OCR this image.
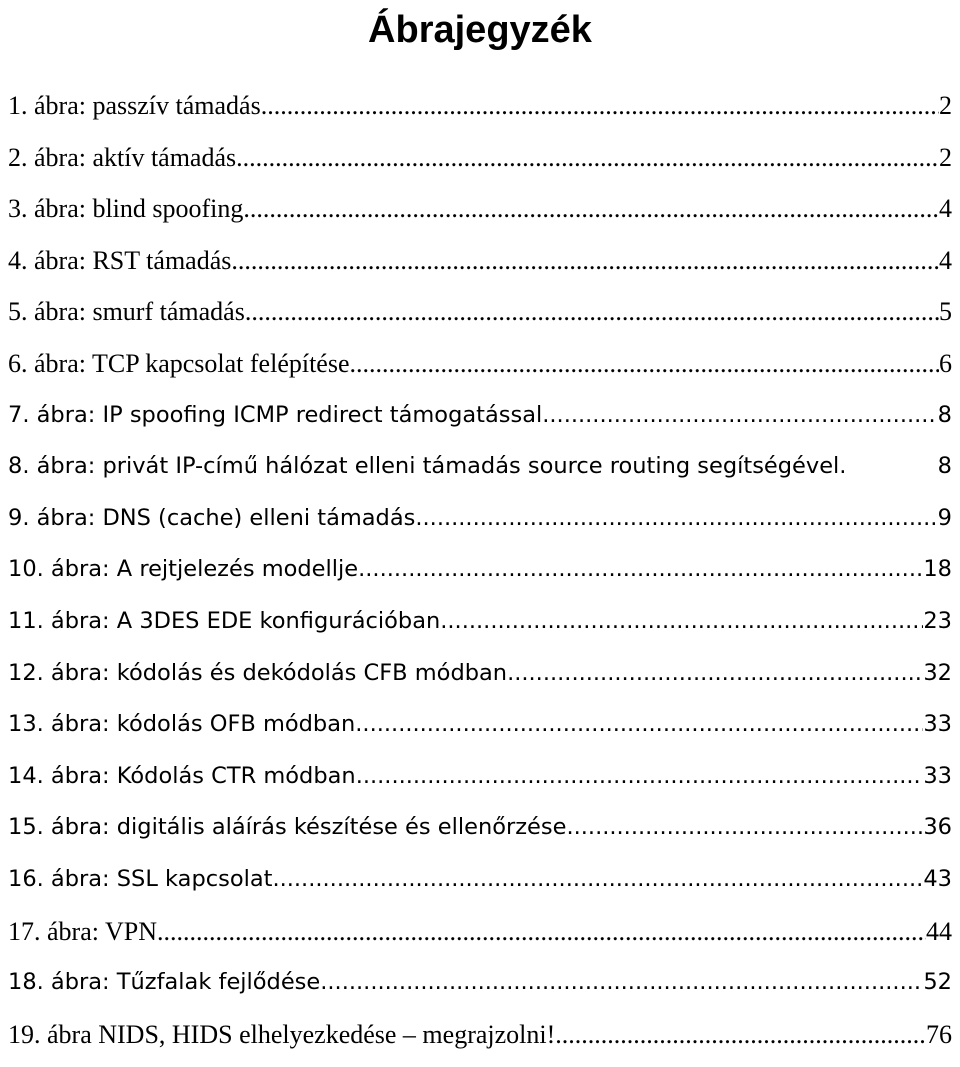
Ábrajegyzék
1. ábra: passzív támadás .....	2
2. ábra: aktív támadás .....	2
3. ábra: blind spoofing .....	4
4. ábra: RST támadás .....	4
5. ábra: smurf támadás .....	5
6. ábra: TCP kapcsolat felépítése .....	6
7. ábra: IP spoofing ICMP redirect támogatással .....	8
8. ábra: privát IP-című hálózat elleni támadás source routing segítségével.	8
9. ábra: DNS (cache) elleni támadás .....	9
10. ábra: A rejtjelezés modellje .....	18
11. ábra: A 3DES EDE konfigurációban .....	23
12. ábra: kódolás és dekódolás CFB módban .....	32
13. ábra: kódolás OFB módban .....	33
14. ábra: Kódolás CTR módban .....	33
15. ábra: digitális aláírás készítése és ellenőrzése .....	36
16. ábra: SSL kapcsolat .....	43
17. ábra: VPN .....	44
18. ábra: Tűzfalak fejlődése .....	52
19. ábra NIDS, HIDS elhelyezkedése – megrajzolni! .....	76
